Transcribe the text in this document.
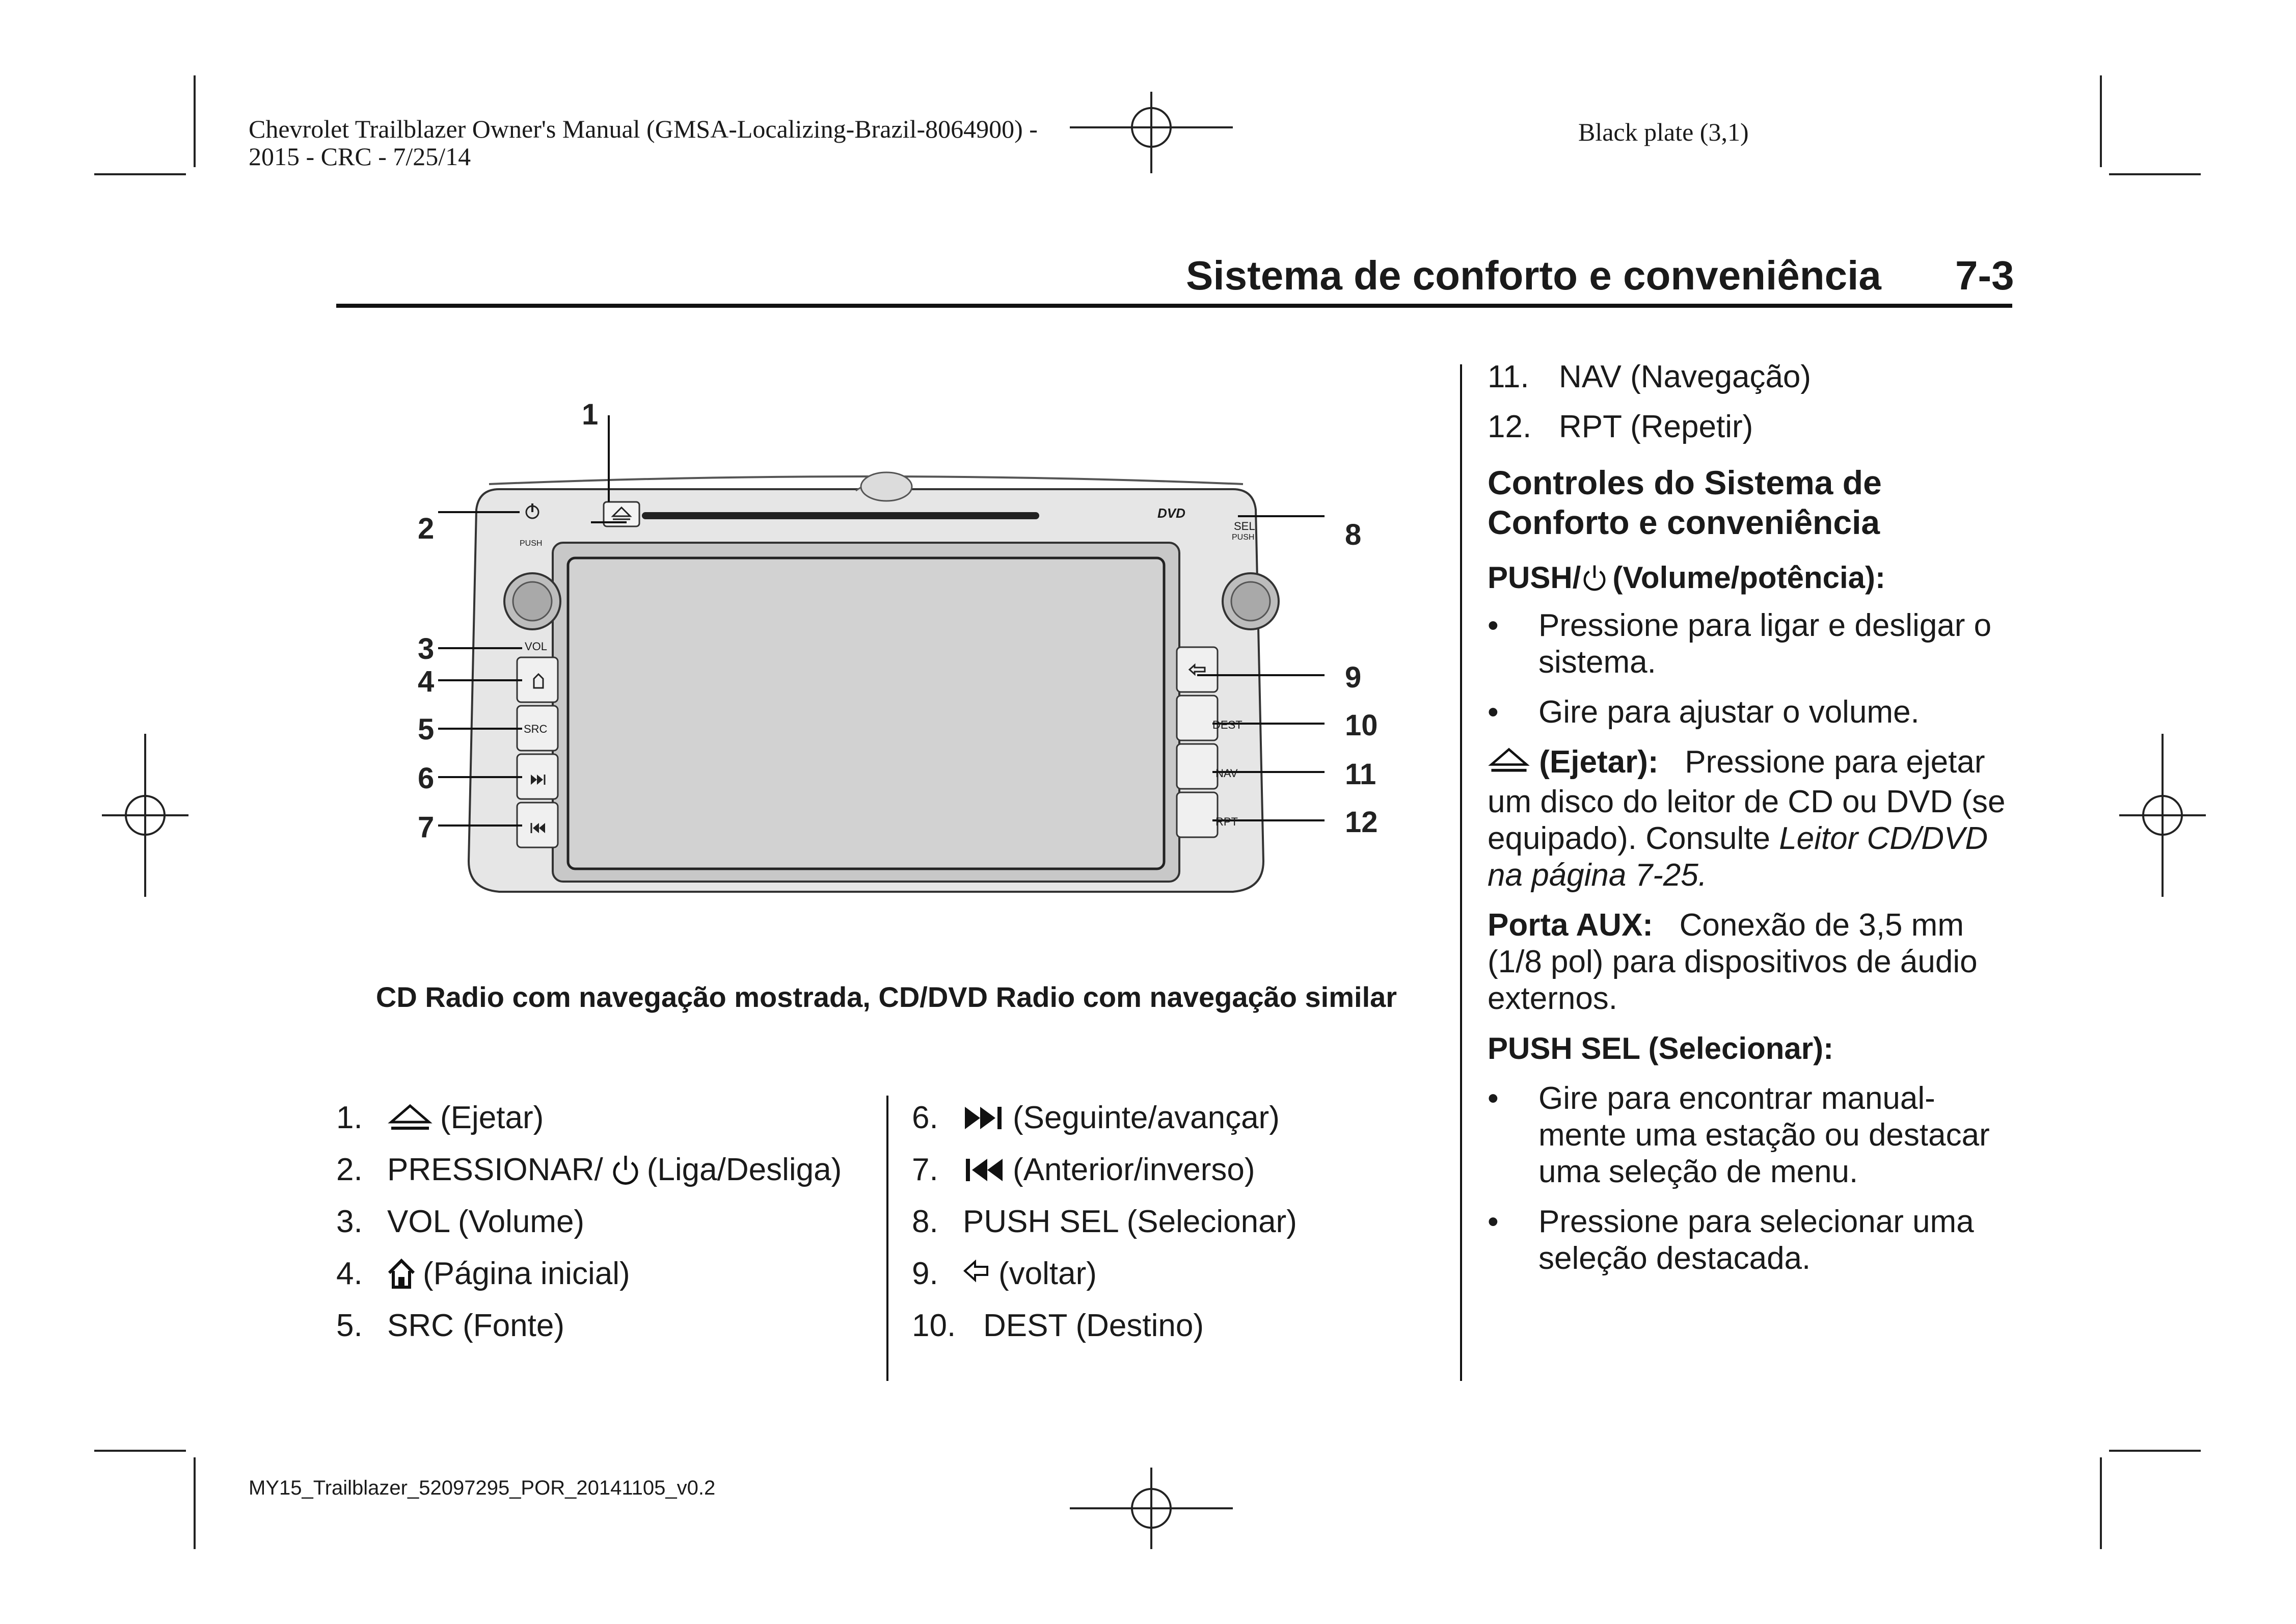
Chevrolet Trailblazer Owner's Manual (GMSA-Localizing-Brazil-8064900) -
2015 - CRC - 7/25/14
Black plate (3,1)
Sistema de conforto e conveniência 7-3
1
2
3
4
5
6
7
8
9
10
11
12
PUSH
VOL
SRC
SEL
PUSH
DEST
NAV
RPT
DVD
CD Radio com navegação mostrada, CD/DVD Radio com navegação similar
1.	(Ejetar)
2. PRESSIONAR/ (Liga/Desliga)
3. VOL (Volume)
4.	(Página inicial)
5. SRC (Fonte)
6.	(Seguinte/avançar)
7.	(Anterior/inverso)
8. PUSH SEL (Selecionar)
9.	(voltar)
10. DEST (Destino)
11. NAV (Navegação)
12. RPT (Repetir)

Controles do Sistema de Conforto e conveniência

PUSH/ (Volume/potência):

• Pressione para ligar e desligar o sistema.
• Gire para ajustar o volume.

(Ejetar): Pressione para ejetar um disco do leitor de CD ou DVD (se equipado). Consulte Leitor CD/DVD na página 7-25.

Porta AUX: Conexão de 3,5 mm (1/8 pol) para dispositivos de áudio externos.

PUSH SEL (Selecionar):

• Gire para encontrar manual-mente uma estação ou destacar uma seleção de menu.
• Pressione para selecionar uma seleção destacada.
MY15_Trailblazer_52097295_POR_20141105_v0.2
